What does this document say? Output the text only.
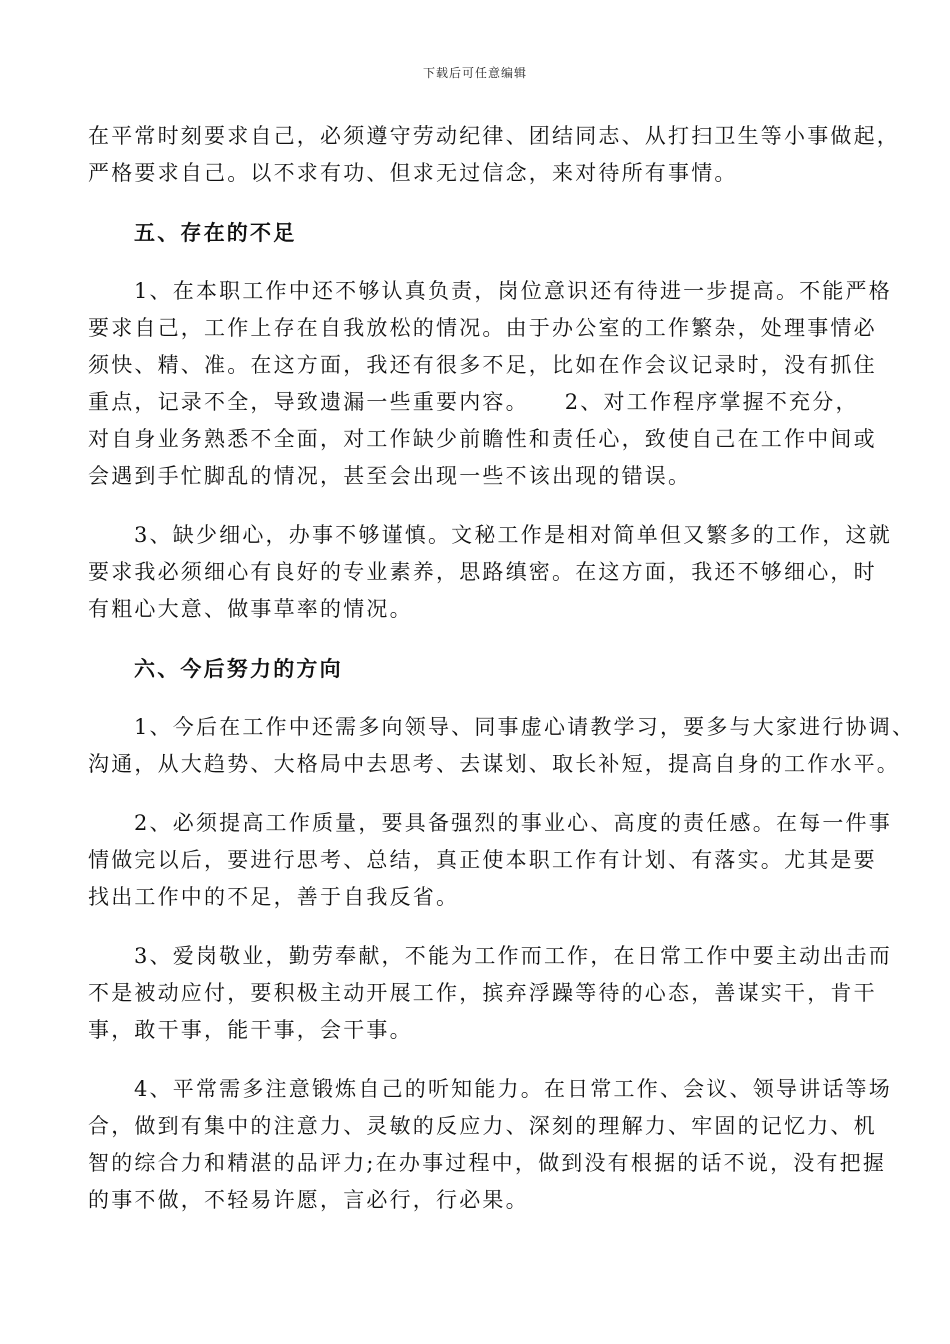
下载后可任意编辑
在平常时刻要求自己，必须遵守劳动纪律、团结同志、从打扫卫生等小事做起，
严格要求自己。以不求有功、但求无过信念，来对待所有事情。
五、存在的不足
1、在本职工作中还不够认真负责，岗位意识还有待进一步提高。不能严格
要求自己，工作上存在自我放松的情况。由于办公室的工作繁杂，处理事情必
须快、精、准。在这方面，我还有很多不足，比如在作会议记录时，没有抓住
重点，记录不全，导致遗漏一些重要内容。　　2、对工作程序掌握不充分，
对自身业务熟悉不全面，对工作缺少前瞻性和责任心，致使自己在工作中间或
会遇到手忙脚乱的情况，甚至会出现一些不该出现的错误。
3、缺少细心，办事不够谨慎。文秘工作是相对简单但又繁多的工作，这就
要求我必须细心有良好的专业素养，思路缜密。在这方面，我还不够细心，时
有粗心大意、做事草率的情况。
六、今后努力的方向
1、今后在工作中还需多向领导、同事虚心请教学习，要多与大家进行协调、
沟通，从大趋势、大格局中去思考、去谋划、取长补短，提高自身的工作水平。
2、必须提高工作质量，要具备强烈的事业心、高度的责任感。在每一件事
情做完以后，要进行思考、总结，真正使本职工作有计划、有落实。尤其是要
找出工作中的不足，善于自我反省。
3、爱岗敬业，勤劳奉献，不能为工作而工作，在日常工作中要主动出击而
不是被动应付，要积极主动开展工作，摈弃浮躁等待的心态，善谋实干，肯干
事，敢干事，能干事，会干事。
4、平常需多注意锻炼自己的听知能力。在日常工作、会议、领导讲话等场
合，做到有集中的注意力、灵敏的反应力、深刻的理解力、牢固的记忆力、机
智的综合力和精湛的品评力;在办事过程中，做到没有根据的话不说，没有把握
的事不做，不轻易许愿，言必行，行必果。
